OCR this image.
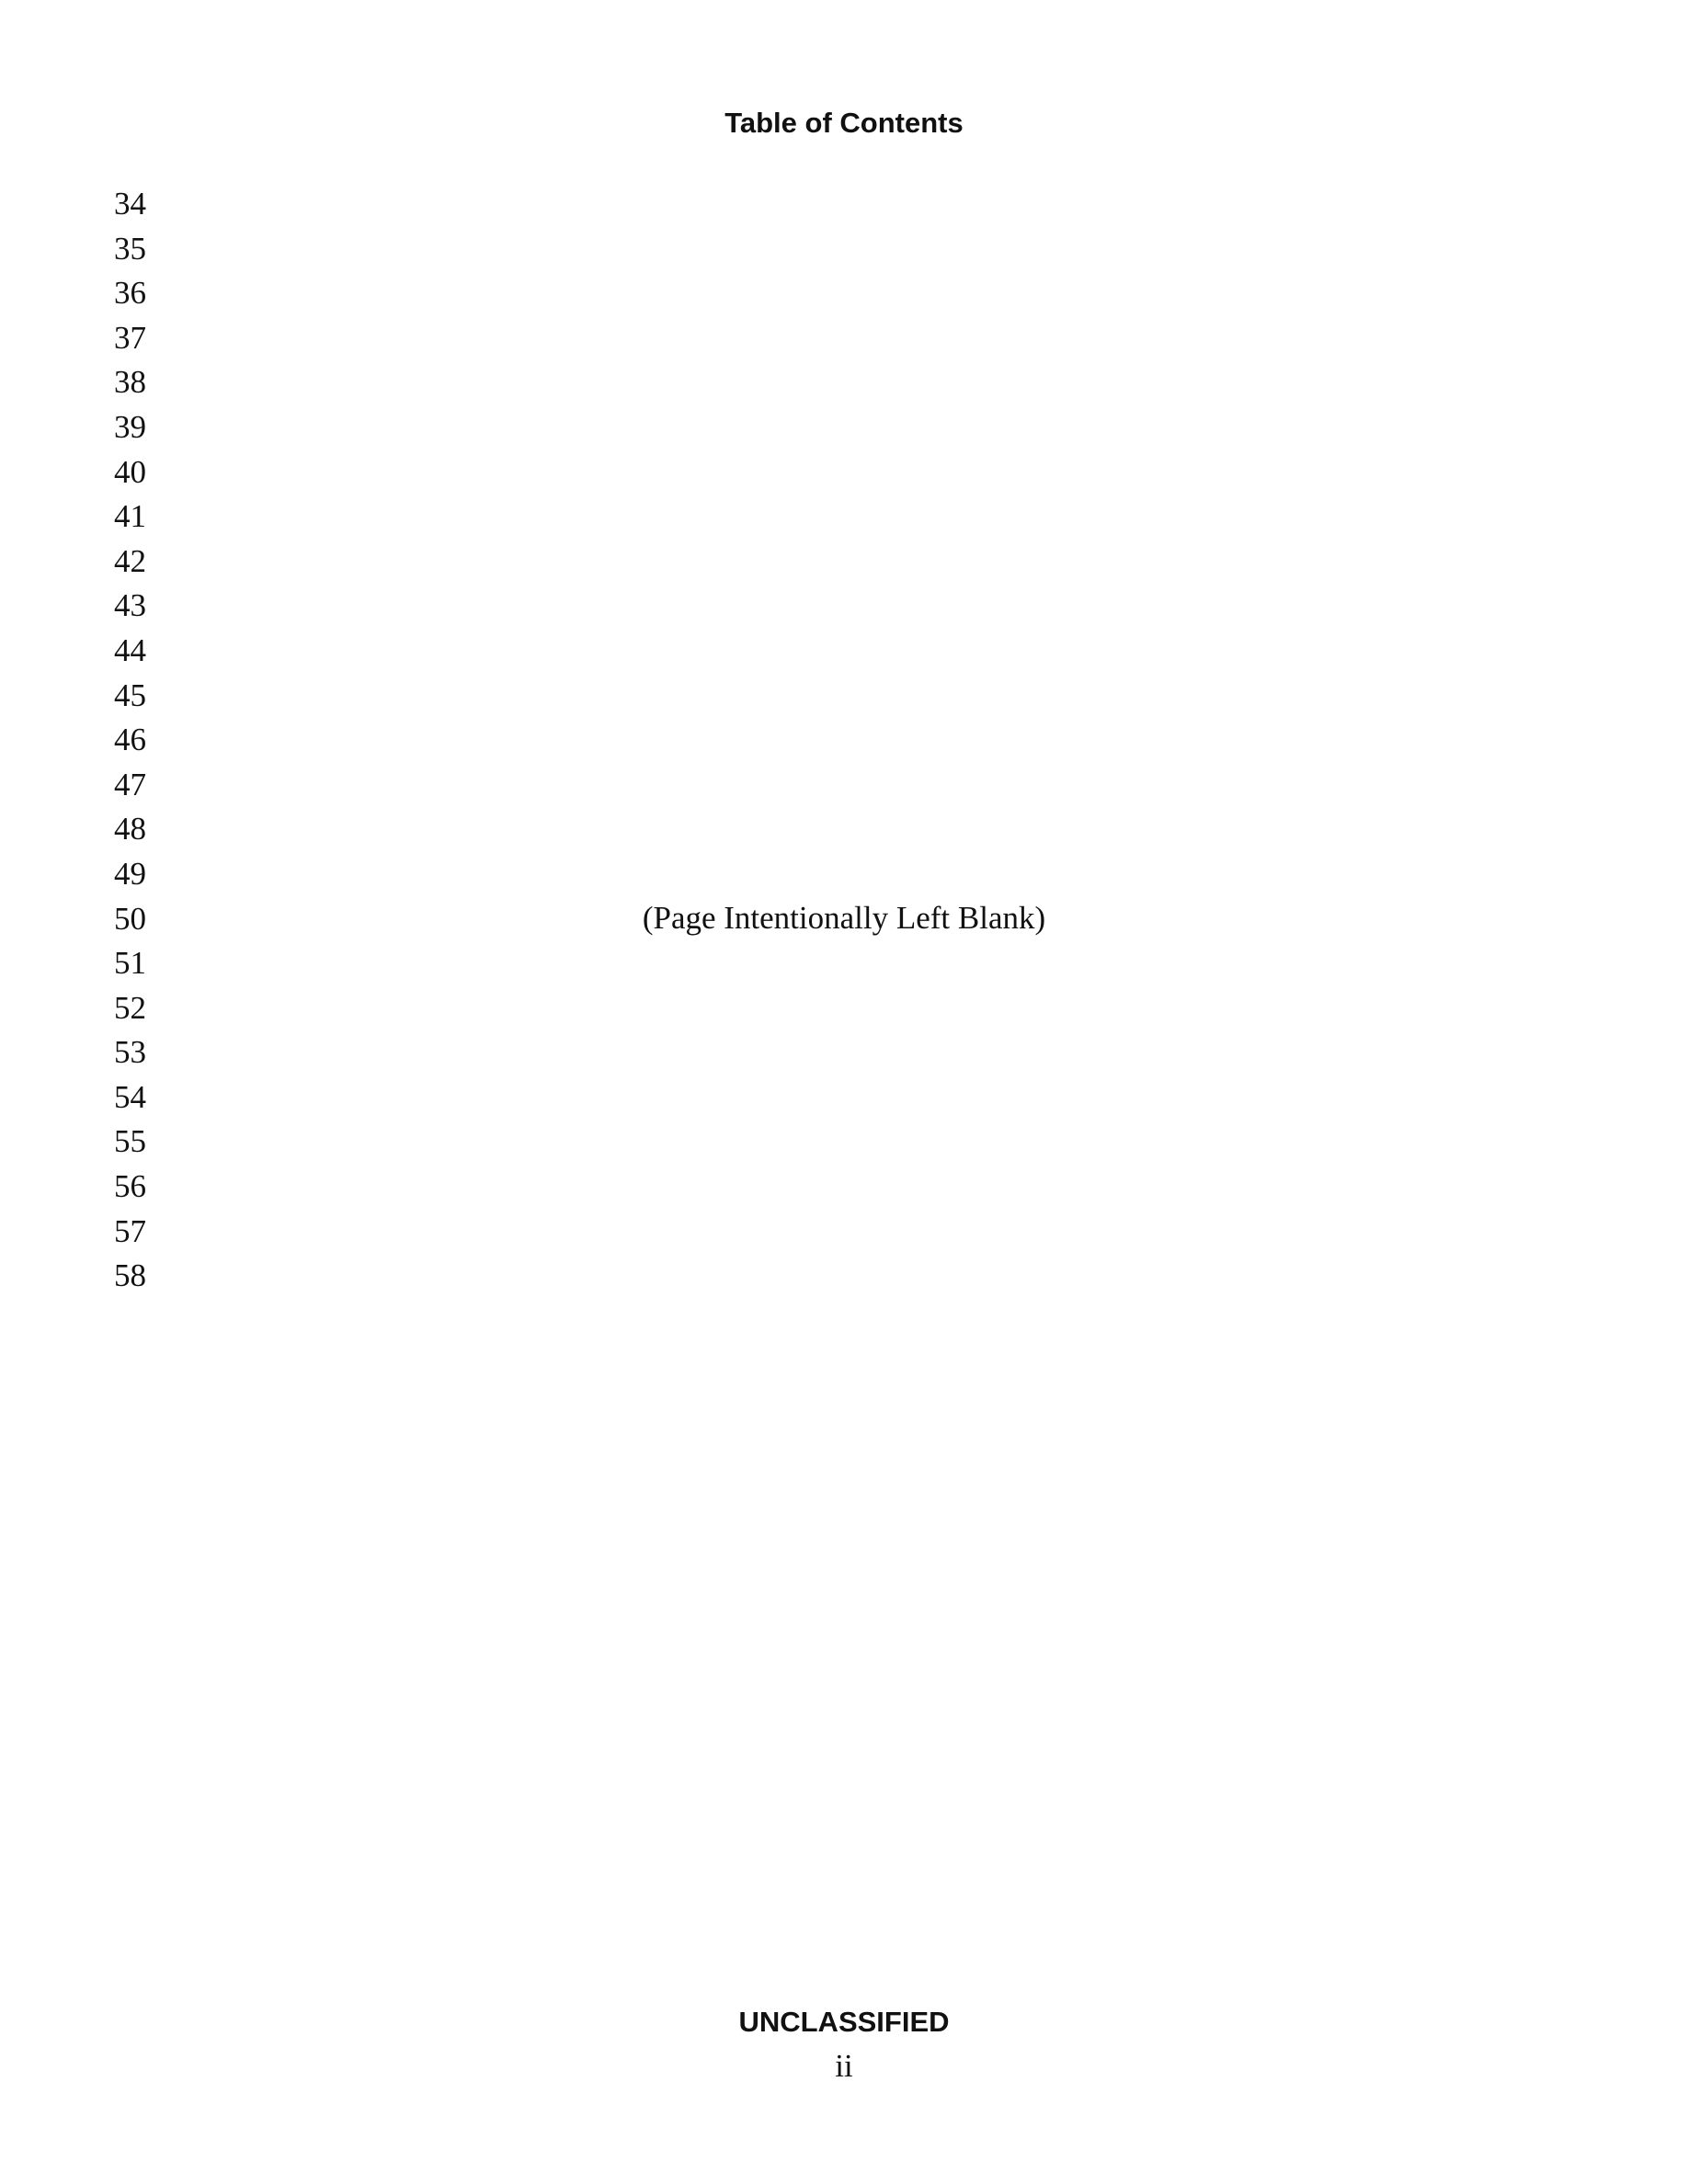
Table of Contents
34
35
36
37
38
39
40
41
42
43
44
45
46
47
48
49
50
51
52
53
54
55
56
57
58
(Page Intentionally Left Blank)
UNCLASSIFIED
ii
